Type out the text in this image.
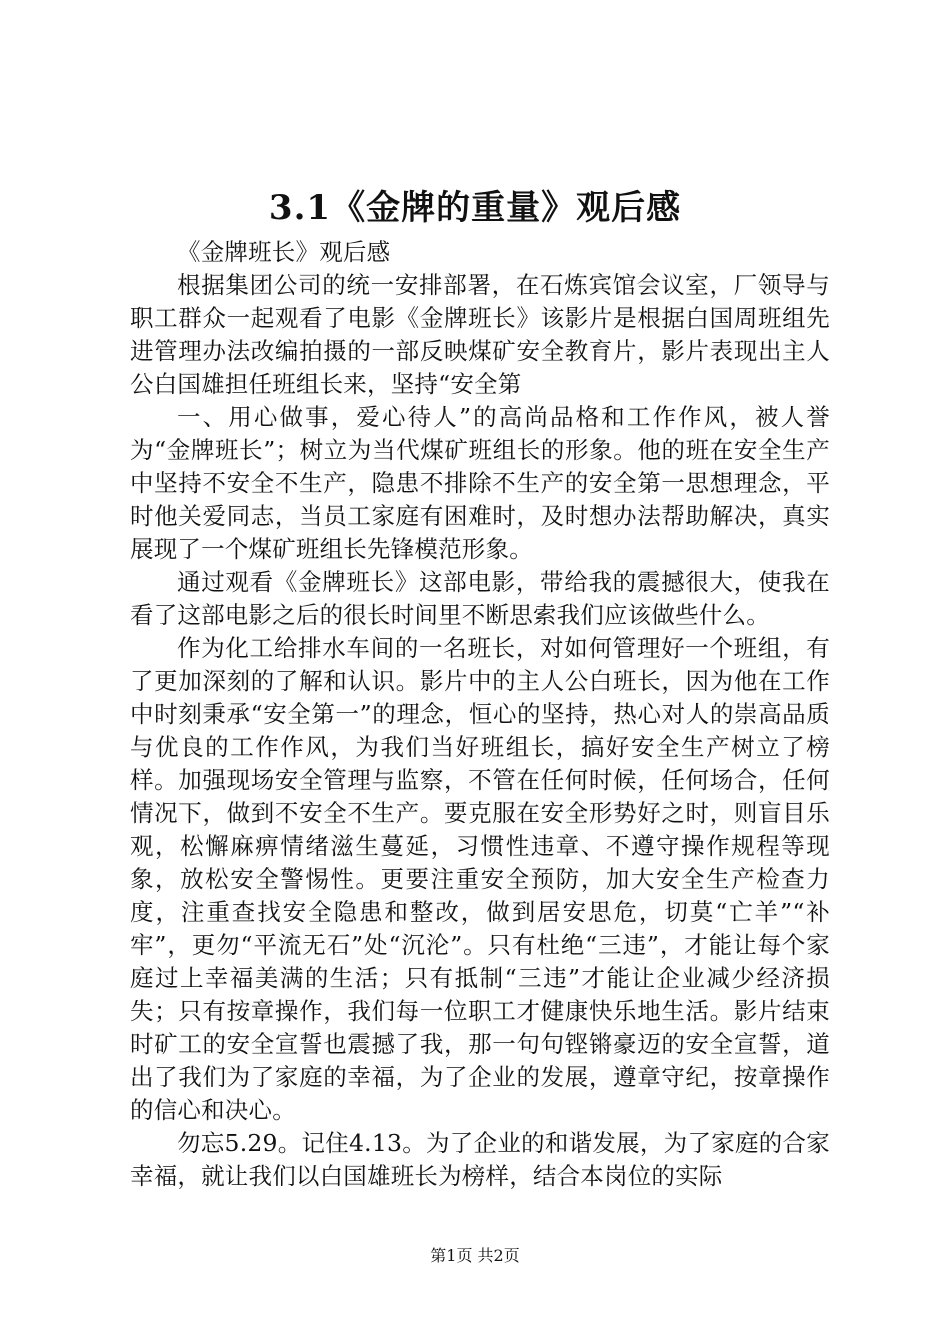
3.1《金牌的重量》观后感

《金牌班长》观后感

根据集团公司的统一安排部署，在石炼宾馆会议室，厂领导与职工群众一起观看了电影《金牌班长》该影片是根据白国周班组先进管理办法改编拍摄的一部反映煤矿安全教育片，影片表现出主人公白国雄担任班组长来，坚持“安全第

一、用心做事，爱心待人”的高尚品格和工作作风，被人誉为“金牌班长”；树立为当代煤矿班组长的形象。他的班在安全生产中坚持不安全不生产，隐患不排除不生产的安全第一思想理念，平时他关爱同志，当员工家庭有困难时，及时想办法帮助解决，真实展现了一个煤矿班组长先锋模范形象。

通过观看《金牌班长》这部电影，带给我的震撼很大，使我在看了这部电影之后的很长时间里不断思索我们应该做些什么。

作为化工给排水车间的一名班长，对如何管理好一个班组，有了更加深刻的了解和认识。影片中的主人公白班长，因为他在工作中时刻秉承“安全第一”的理念，恒心的坚持，热心对人的崇高品质与优良的工作作风，为我们当好班组长，搞好安全生产树立了榜样。加强现场安全管理与监察，不管在任何时候，任何场合，任何情况下，做到不安全不生产。要克服在安全形势好之时，则盲目乐观，松懈麻痹情绪滋生蔓延，习惯性违章、不遵守操作规程等现象，放松安全警惕性。更要注重安全预防，加大安全生产检查力度，注重查找安全隐患和整改，做到居安思危，切莫“亡羊”“补牢”，更勿“平流无石”处“沉沦”。只有杜绝“三违”，才能让每个家庭过上幸福美满的生活；只有抵制“三违”才能让企业减少经济损失；只有按章操作，我们每一位职工才健康快乐地生活。影片结束时矿工的安全宣誓也震撼了我，那一句句铿锵豪迈的安全宣誓，道出了我们为了家庭的幸福，为了企业的发展，遵章守纪，按章操作的信心和决心。

勿忘5.29。记住4.13。为了企业的和谐发展，为了家庭的合家幸福，就让我们以白国雄班长为榜样，结合本岗位的实际

第1页 共2页
